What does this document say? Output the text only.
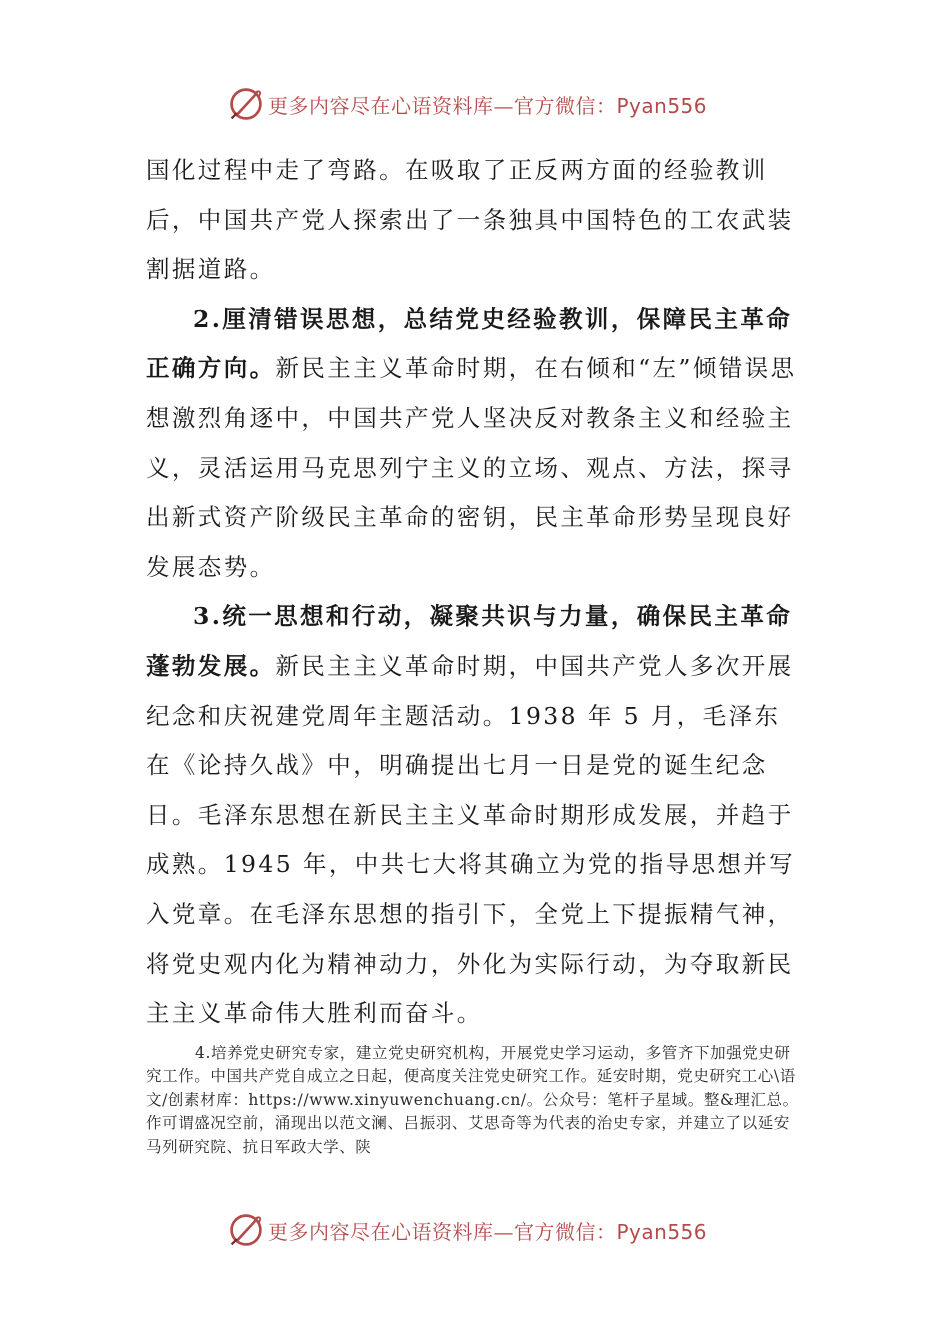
更多内容尽在心语资料库—官方微信：Pyan556

国化过程中走了弯路。在吸取了正反两方面的经验教训后，中国共产党人探索出了一条独具中国特色的工农武装割据道路。

2.厘清错误思想，总结党史经验教训，保障民主革命正确方向。新民主主义革命时期，在右倾和“左”倾错误思想激烈角逐中，中国共产党人坚决反对教条主义和经验主义，灵活运用马克思列宁主义的立场、观点、方法，探寻出新式资产阶级民主革命的密钥，民主革命形势呈现良好发展态势。

3.统一思想和行动，凝聚共识与力量，确保民主革命蓬勃发展。新民主主义革命时期，中国共产党人多次开展纪念和庆祝建党周年主题活动。1938 年 5 月，毛泽东在《论持久战》中，明确提出七月一日是党的诞生纪念日。毛泽东思想在新民主主义革命时期形成发展，并趋于成熟。1945 年，中共七大将其确立为党的指导思想并写入党章。在毛泽东思想的指引下，全党上下提振精气神，将党史观内化为精神动力，外化为实际行动，为夺取新民主主义革命伟大胜利而奋斗。

4.培养党史研究专家，建立党史研究机构，开展党史学习运动，多管齐下加强党史研究工作。中国共产党自成立之日起，便高度关注党史研究工作。延安时期，党史研究工心\语文/创素材库：https://www.xinyuwenchuang.cn/。公众号：笔杆子星域。整&理汇总。作可谓盛况空前，涌现出以范文澜、吕振羽、艾思奇等为代表的治史专家，并建立了以延安马列研究院、抗日军政大学、陕

更多内容尽在心语资料库—官方微信：Pyan556
